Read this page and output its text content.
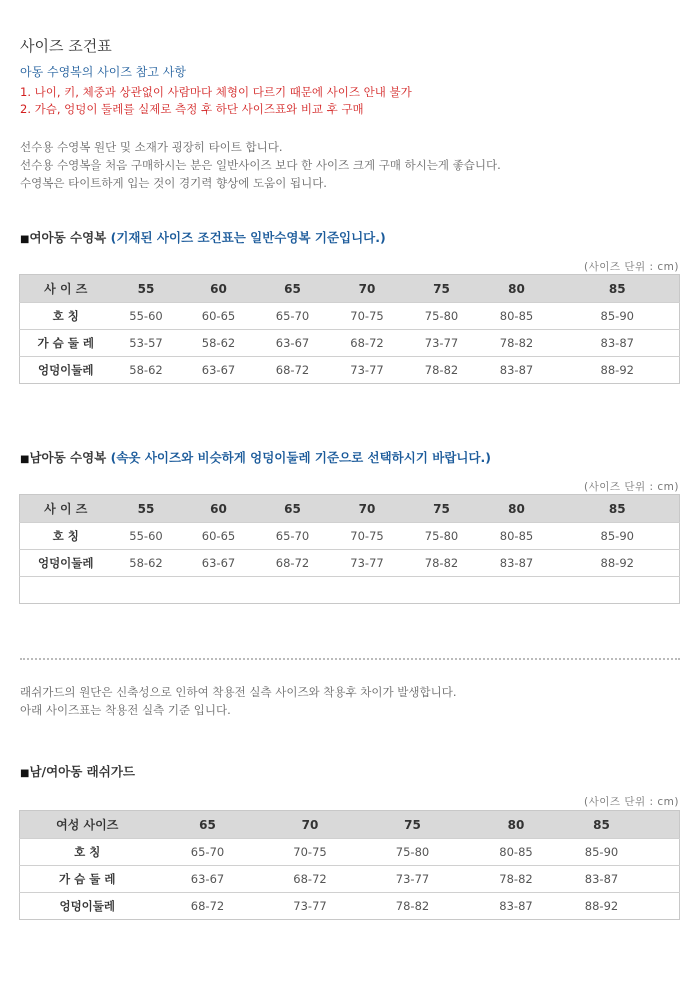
사이즈 조건표
아동 수영복의 사이즈 참고 사항
1. 나이, 키, 체중과 상관없이 사람마다 체형이 다르기 때문에 사이즈 안내 불가
2. 가슴, 엉덩이 둘레를 실제로 측정 후 하단 사이즈표와 비교 후 구매
선수용 수영복 원단 및 소재가 굉장히 타이트 합니다.
선수용 수영복을 처음 구매하시는 분은 일반사이즈 보다 한 사이즈 크게 구매 하시는게 좋습니다.
수영복은 타이트하게 입는 것이 경기력 향상에 도움이 됩니다.
■여아동 수영복 (기재된 사이즈 조건표는 일반수영복 기준입니다.)
(사이즈 단위 : cm)
사 이 즈	55	60	65	70	75	80	85
호 칭	55-60	60-65	65-70	70-75	75-80	80-85	85-90
가 슴 둘 레	53-57	58-62	63-67	68-72	73-77	78-82	83-87
엉덩이둘레	58-62	63-67	68-72	73-77	78-82	83-87	88-92
■남아동 수영복 (속옷 사이즈와 비슷하게 엉덩이둘레 기준으로 선택하시기 바랍니다.)
(사이즈 단위 : cm)
사 이 즈	55	60	65	70	75	80	85
호 칭	55-60	60-65	65-70	70-75	75-80	80-85	85-90
엉덩이둘레	58-62	63-67	68-72	73-77	78-82	83-87	88-92

래쉬가드의 원단은 신축성으로 인하여 착용전 실측 사이즈와 착용후 차이가 발생합니다.
아래 사이즈표는 착용전 실측 기준 입니다.
■남/여아동 래쉬가드
(사이즈 단위 : cm)
여성 사이즈	65	70	75	80	85	
호 칭	65-70	70-75	75-80	80-85	85-90	
가 슴 둘 레	63-67	68-72	73-77	78-82	83-87	
엉덩이둘레	68-72	73-77	78-82	83-87	88-92	
